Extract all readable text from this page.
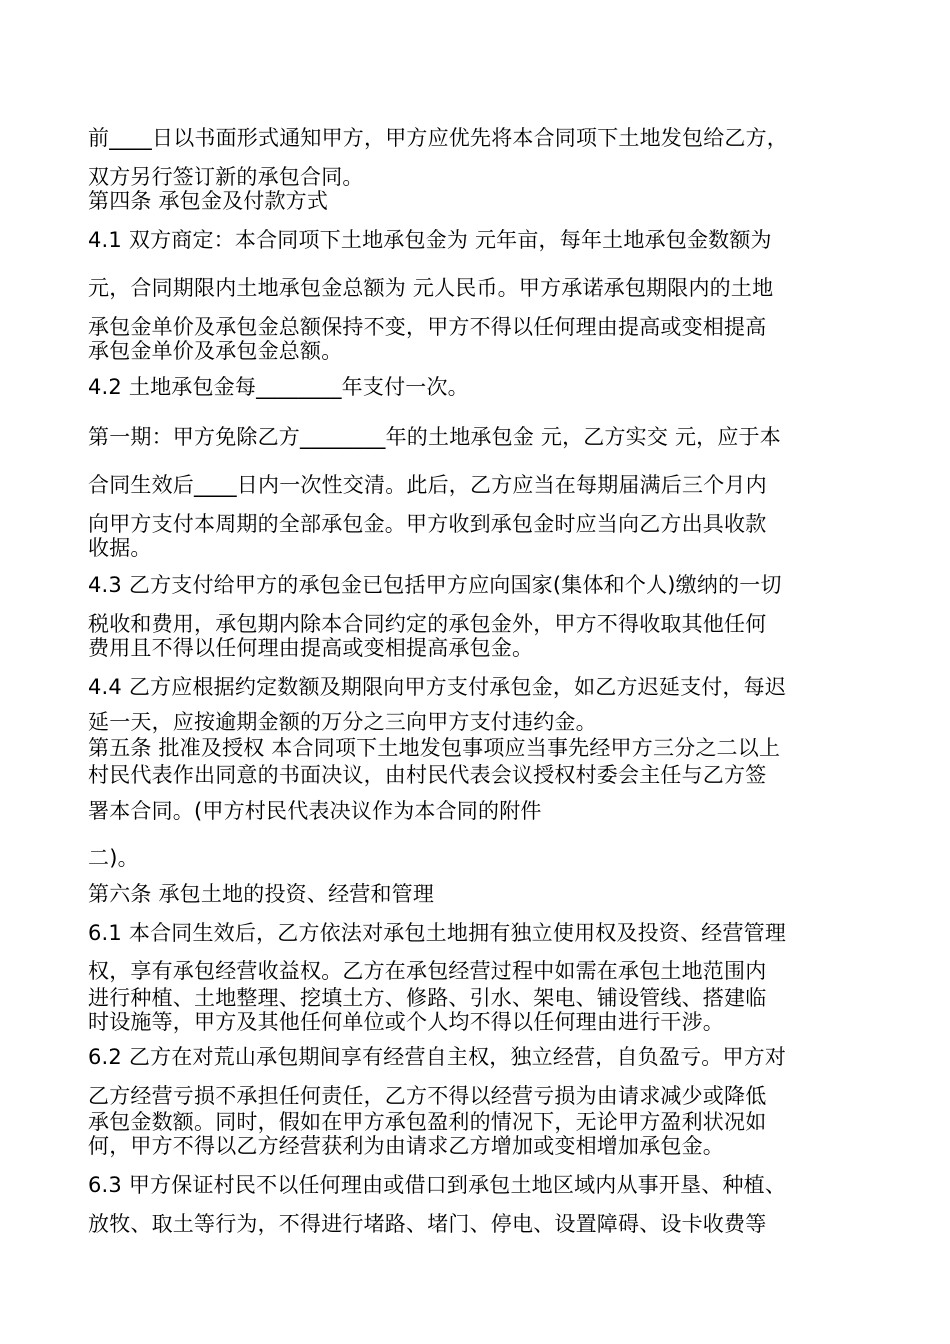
前____日以书面形式通知甲方，甲方应优先将本合同项下土地发包给乙方，
双方另行签订新的承包合同。
第四条 承包金及付款方式
4.1 双方商定：本合同项下土地承包金为 元年亩，每年土地承包金数额为
元，合同期限内土地承包金总额为 元人民币。甲方承诺承包期限内的土地
承包金单价及承包金总额保持不变，甲方不得以任何理由提高或变相提高
承包金单价及承包金总额。
4.2 土地承包金每________年支付一次。
第一期：甲方免除乙方________年的土地承包金 元，乙方实交 元，应于本
合同生效后____日内一次性交清。此后，乙方应当在每期届满后三个月内
向甲方支付本周期的全部承包金。甲方收到承包金时应当向乙方出具收款
收据。
4.3 乙方支付给甲方的承包金已包括甲方应向国家(集体和个人)缴纳的一切
税收和费用，承包期内除本合同约定的承包金外，甲方不得收取其他任何
费用且不得以任何理由提高或变相提高承包金。
4.4 乙方应根据约定数额及期限向甲方支付承包金，如乙方迟延支付，每迟
延一天，应按逾期金额的万分之三向甲方支付违约金。
第五条 批准及授权 本合同项下土地发包事项应当事先经甲方三分之二以上
村民代表作出同意的书面决议，由村民代表会议授权村委会主任与乙方签
署本合同。(甲方村民代表决议作为本合同的附件
二)。
第六条 承包土地的投资、经营和管理
6.1 本合同生效后，乙方依法对承包土地拥有独立使用权及投资、经营管理
权，享有承包经营收益权。乙方在承包经营过程中如需在承包土地范围内
进行种植、土地整理、挖填土方、修路、引水、架电、铺设管线、搭建临
时设施等，甲方及其他任何单位或个人均不得以任何理由进行干涉。
6.2 乙方在对荒山承包期间享有经营自主权，独立经营，自负盈亏。甲方对
乙方经营亏损不承担任何责任，乙方不得以经营亏损为由请求减少或降低
承包金数额。同时，假如在甲方承包盈利的情况下，无论甲方盈利状况如
何，甲方不得以乙方经营获利为由请求乙方增加或变相增加承包金。
6.3 甲方保证村民不以任何理由或借口到承包土地区域内从事开垦、种植、
放牧、取土等行为，不得进行堵路、堵门、停电、设置障碍、设卡收费等
